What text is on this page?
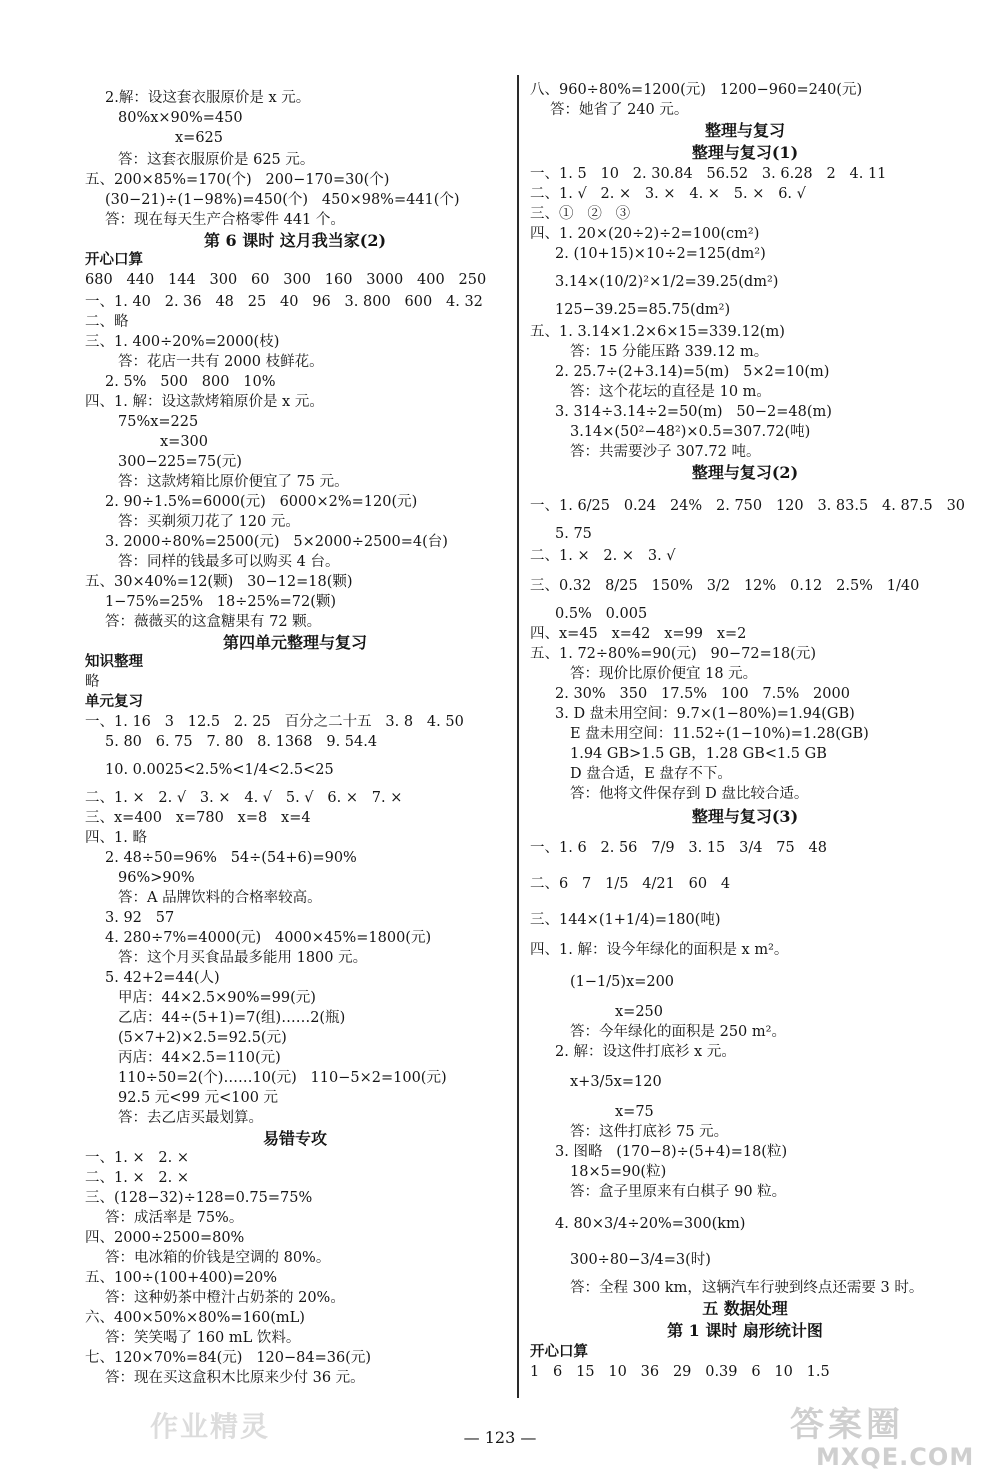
2.解：设这套衣服原价是 x 元。
80%x×90%=450
x=625
答：这套衣服原价是 625 元。
五、200×85%=170(个)   200−170=30(个)
(30−21)÷(1−98%)=450(个)   450×98%=441(个)
答：现在每天生产合格零件 441 个。
第 6 课时 这月我当家(2)
开心口算
680   440   144   300   60   300   160   3000   400   250
一、1. 40   2. 36   48   25   40   96   3. 800   600   4. 32
二、略
三、1. 400÷20%=2000(枝)
答：花店一共有 2000 枝鲜花。
2. 5%   500   800   10%
四、1. 解：设这款烤箱原价是 x 元。
75%x=225
x=300
300−225=75(元)
答：这款烤箱比原价便宜了 75 元。
2. 90÷1.5%=6000(元)   6000×2%=120(元)
答：买剃须刀花了 120 元。
3. 2000÷80%=2500(元)   5×2000÷2500=4(台)
答：同样的钱最多可以购买 4 台。
五、30×40%=12(颗)   30−12=18(颗)
1−75%=25%   18÷25%=72(颗)
答：薇薇买的这盒糖果有 72 颗。
第四单元整理与复习
知识整理
略
单元复习
一、1. 16   3   12.5   2. 25   百分之二十五   3. 8   4. 50
5. 80   6. 75   7. 80   8. 1368   9. 54.4
10. 0.0025<2.5%<1/4<2.5<25
二、1. ×   2. √   3. ×   4. √   5. √   6. ×   7. ×
三、x=400   x=780   x=8   x=4
四、1. 略
2. 48÷50=96%   54÷(54+6)=90%
96%>90%
答：A 品牌饮料的合格率较高。
3. 92   57
4. 280÷7%=4000(元)   4000×45%=1800(元)
答：这个月买食品最多能用 1800 元。
5. 42+2=44(人)
甲店：44×2.5×90%=99(元)
乙店：44÷(5+1)=7(组)……2(瓶)
(5×7+2)×2.5=92.5(元)
丙店：44×2.5=110(元)
110÷50=2(个)……10(元)   110−5×2=100(元)
92.5 元<99 元<100 元
答：去乙店买最划算。
易错专攻
一、1. ×   2. ×
二、1. ×   2. ×
三、(128−32)÷128=0.75=75%
答：成活率是 75%。
四、2000÷2500=80%
答：电冰箱的价钱是空调的 80%。
五、100÷(100+400)=20%
答：这种奶茶中橙汁占奶茶的 20%。
六、400×50%×80%=160(mL)
答：笑笑喝了 160 mL 饮料。
七、120×70%=84(元)   120−84=36(元)
答：现在买这盒积木比原来少付 36 元。
八、960÷80%=1200(元)   1200−960=240(元)
答：她省了 240 元。
整理与复习
整理与复习(1)
一、1. 5   10   2. 30.84   56.52   3. 6.28   2   4. 11
二、1. √   2. ×   3. ×   4. ×   5. ×   6. √
三、①   ②   ③
四、1. 20×(20÷2)÷2=100(cm²)
2. (10+15)×10÷2=125(dm²)
3.14×(10/2)²×1/2=39.25(dm²)
125−39.25=85.75(dm²)
五、1. 3.14×1.2×6×15=339.12(m)
答：15 分能压路 339.12 m。
2. 25.7÷(2+3.14)=5(m)   5×2=10(m)
答：这个花坛的直径是 10 m。
3. 314÷3.14÷2=50(m)   50−2=48(m)
3.14×(50²−48²)×0.5=307.72(吨)
答：共需要沙子 307.72 吨。
整理与复习(2)
一、1. 6/25   0.24   24%   2. 750   120   3. 83.5   4. 87.5   30
5. 75
二、1. ×   2. ×   3. √
三、0.32   8/25   150%   3/2   12%   0.12   2.5%   1/40
0.5%   0.005
四、x=45   x=42   x=99   x=2
五、1. 72÷80%=90(元)   90−72=18(元)
答：现价比原价便宜 18 元。
2. 30%   350   17.5%   100   7.5%   2000
3. D 盘未用空间：9.7×(1−80%)=1.94(GB)
E 盘未用空间：11.52÷(1−10%)=1.28(GB)
1.94 GB>1.5 GB，1.28 GB<1.5 GB
D 盘合适，E 盘存不下。
答：他将文件保存到 D 盘比较合适。
整理与复习(3)
一、1. 6   2. 56   7/9   3. 15   3/4   75   48
二、6   7   1/5   4/21   60   4
三、144×(1+1/4)=180(吨)
四、1. 解：设今年绿化的面积是 x m²。
(1−1/5)x=200
x=250
答：今年绿化的面积是 250 m²。
2. 解：设这件打底衫 x 元。
x+3/5x=120
x=75
答：这件打底衫 75 元。
3. 图略   (170−8)÷(5+4)=18(粒)
18×5=90(粒)
答：盒子里原来有白棋子 90 粒。
4. 80×3/4÷20%=300(km)
300÷80−3/4=3(时)
答：全程 300 km，这辆汽车行驶到终点还需要 3 时。
五 数据处理
第 1 课时 扇形统计图
开心口算
1   6   15   10   36   29   0.39   6   10   1.5
作业精灵	— 123 —	答案圈
MXQE.COM
